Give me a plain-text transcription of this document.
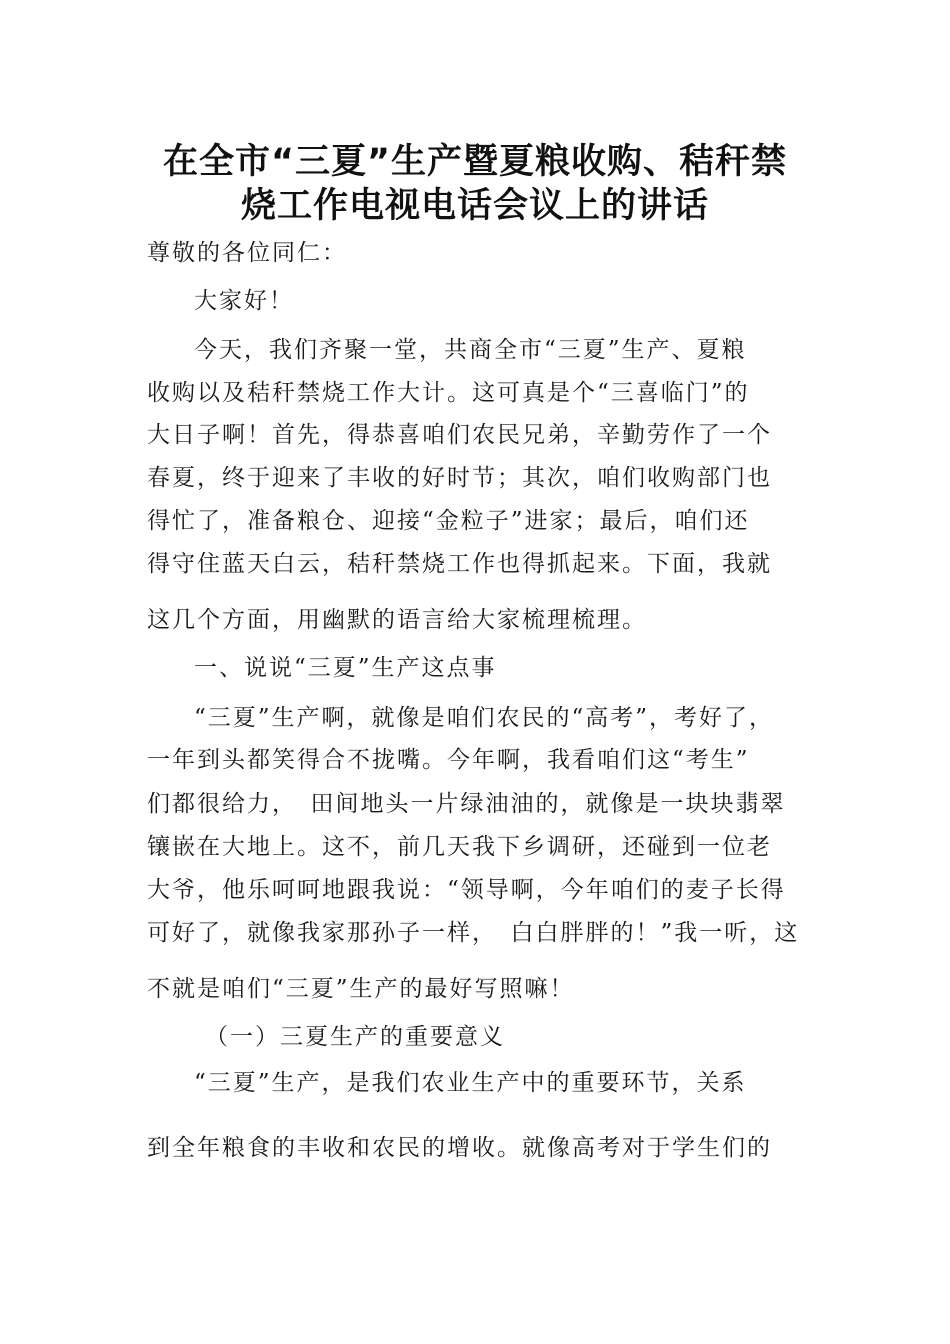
在全市“三夏”生产暨夏粮收购、秸秆禁
烧工作电视电话会议上的讲话
尊敬的各位同仁：
大家好！
今天，我们齐聚一堂，共商全市“三夏”生产、夏粮
收购以及秸秆禁烧工作大计。这可真是个“三喜临门”的
大日子啊！首先，得恭喜咱们农民兄弟，辛勤劳作了一个
春夏，终于迎来了丰收的好时节；其次，咱们收购部门也
得忙了，准备粮仓、迎接“金粒子”进家；最后，咱们还
得守住蓝天白云，秸秆禁烧工作也得抓起来。下面，我就
这几个方面，用幽默的语言给大家梳理梳理。
一、说说“三夏”生产这点事
“三夏”生产啊，就像是咱们农民的“高考”，考好了，
一年到头都笑得合不拢嘴。今年啊，我看咱们这“考生”
们都很给力，　田间地头一片绿油油的，就像是一块块翡翠
镶嵌在大地上。这不，前几天我下乡调研，还碰到一位老
大爷，他乐呵呵地跟我说：“领导啊，今年咱们的麦子长得
可好了，就像我家那孙子一样，　白白胖胖的！”我一听，这
不就是咱们“三夏”生产的最好写照嘛！
（一）三夏生产的重要意义
“三夏”生产，是我们农业生产中的重要环节，关系
到全年粮食的丰收和农民的增收。就像高考对于学生们的
